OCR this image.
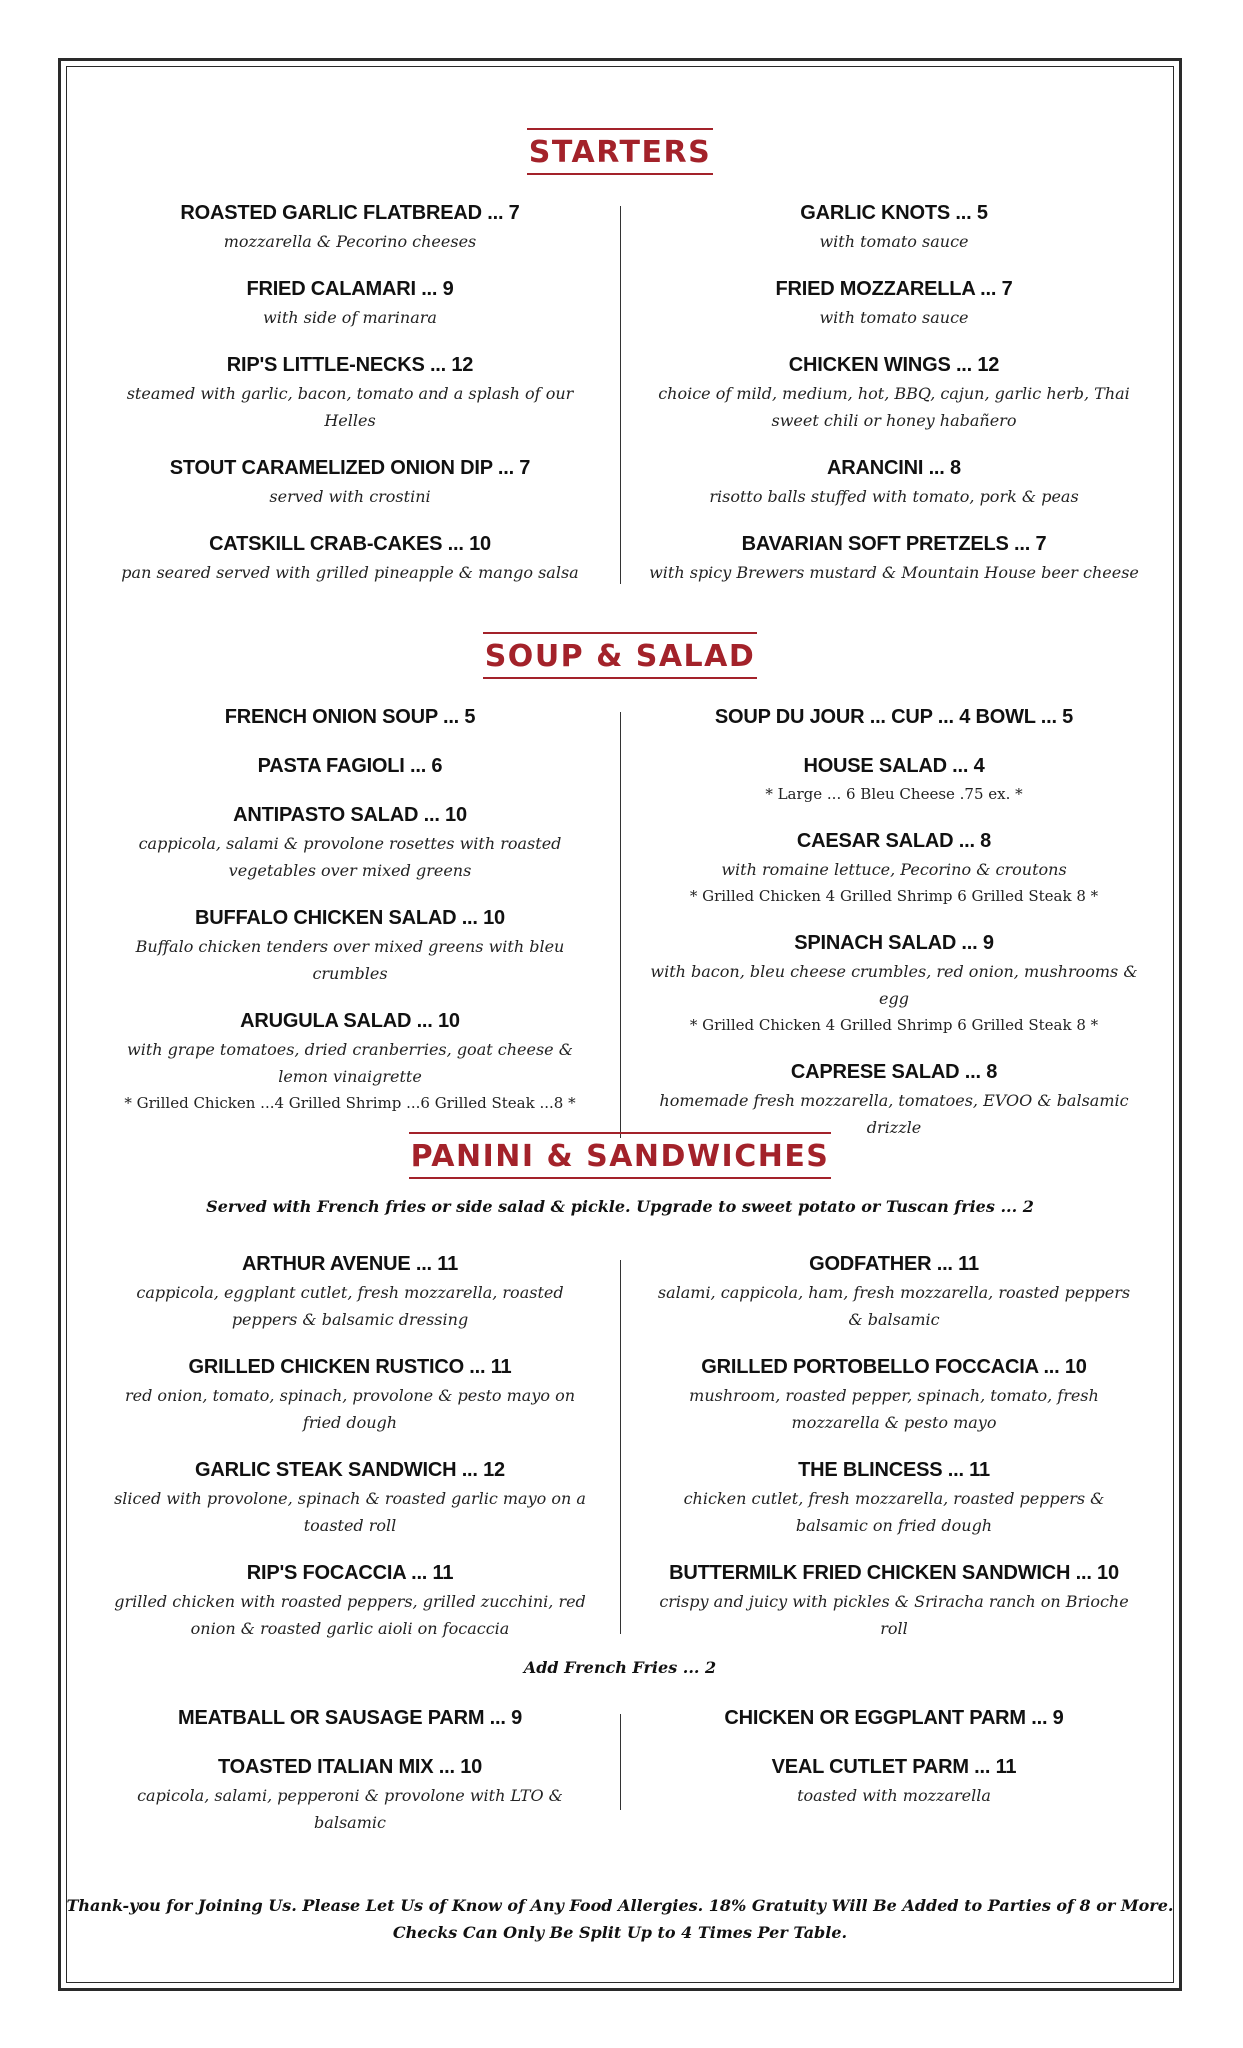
STARTERS
ROASTED GARLIC FLATBREAD ... 7
mozzarella & Pecorino cheeses
FRIED CALAMARI ... 9
with side of marinara
RIP'S LITTLE-NECKS ... 12
steamed with garlic, bacon, tomato and a splash of our Helles
STOUT CARAMELIZED ONION DIP ... 7
served with crostini
CATSKILL CRAB-CAKES ... 10
pan seared served with grilled pineapple & mango salsa
GARLIC KNOTS ... 5
with tomato sauce
FRIED MOZZARELLA ... 7
with tomato sauce
CHICKEN WINGS ... 12
choice of mild, medium, hot, BBQ, cajun, garlic herb, Thai sweet chili or honey habañero
ARANCINI ... 8
risotto balls stuffed with tomato, pork & peas
BAVARIAN SOFT PRETZELS ... 7
with spicy Brewers mustard & Mountain House beer cheese
SOUP & SALAD
FRENCH ONION SOUP ... 5
PASTA FAGIOLI ... 6
ANTIPASTO SALAD ... 10
cappicola, salami & provolone rosettes with roasted vegetables over mixed greens
BUFFALO CHICKEN SALAD ... 10
Buffalo chicken tenders over mixed greens with bleu crumbles
ARUGULA SALAD ... 10
with grape tomatoes, dried cranberries, goat cheese & lemon vinaigrette
* Grilled Chicken ...4 Grilled Shrimp ...6 Grilled Steak ...8 *
SOUP DU JOUR ... CUP ... 4 BOWL ... 5
HOUSE SALAD ... 4
* Large ... 6 Bleu Cheese .75 ex. *
CAESAR SALAD ... 8
with romaine lettuce, Pecorino & croutons
* Grilled Chicken 4 Grilled Shrimp 6 Grilled Steak 8 *
SPINACH SALAD ... 9
with bacon, bleu cheese crumbles, red onion, mushrooms & egg
* Grilled Chicken 4 Grilled Shrimp 6 Grilled Steak 8 *
CAPRESE SALAD ... 8
homemade fresh mozzarella, tomatoes, EVOO & balsamic drizzle
PANINI & SANDWICHES
Served with French fries or side salad & pickle. Upgrade to sweet potato or Tuscan fries ... 2
ARTHUR AVENUE ... 11
cappicola, eggplant cutlet, fresh mozzarella, roasted peppers & balsamic dressing
GRILLED CHICKEN RUSTICO ... 11
red onion, tomato, spinach, provolone & pesto mayo on fried dough
GARLIC STEAK SANDWICH ... 12
sliced with provolone, spinach & roasted garlic mayo on a toasted roll
RIP'S FOCACCIA ... 11
grilled chicken with roasted peppers, grilled zucchini, red onion & roasted garlic aioli on focaccia
GODFATHER ... 11
salami, cappicola, ham, fresh mozzarella, roasted peppers & balsamic
GRILLED PORTOBELLO FOCCACIA ... 10
mushroom, roasted pepper, spinach, tomato, fresh mozzarella & pesto mayo
THE BLINCESS ... 11
chicken cutlet, fresh mozzarella, roasted peppers & balsamic on fried dough
BUTTERMILK FRIED CHICKEN SANDWICH ... 10
crispy and juicy with pickles & Sriracha ranch on Brioche roll
Add French Fries ... 2
MEATBALL OR SAUSAGE PARM ... 9
TOASTED ITALIAN MIX ... 10
capicola, salami, pepperoni & provolone with LTO & balsamic
CHICKEN OR EGGPLANT PARM ... 9
VEAL CUTLET PARM ... 11
toasted with mozzarella
Thank-you for Joining Us. Please Let Us of Know of Any Food Allergies. 18% Gratuity Will Be Added to Parties of 8 or More.
Checks Can Only Be Split Up to 4 Times Per Table.
